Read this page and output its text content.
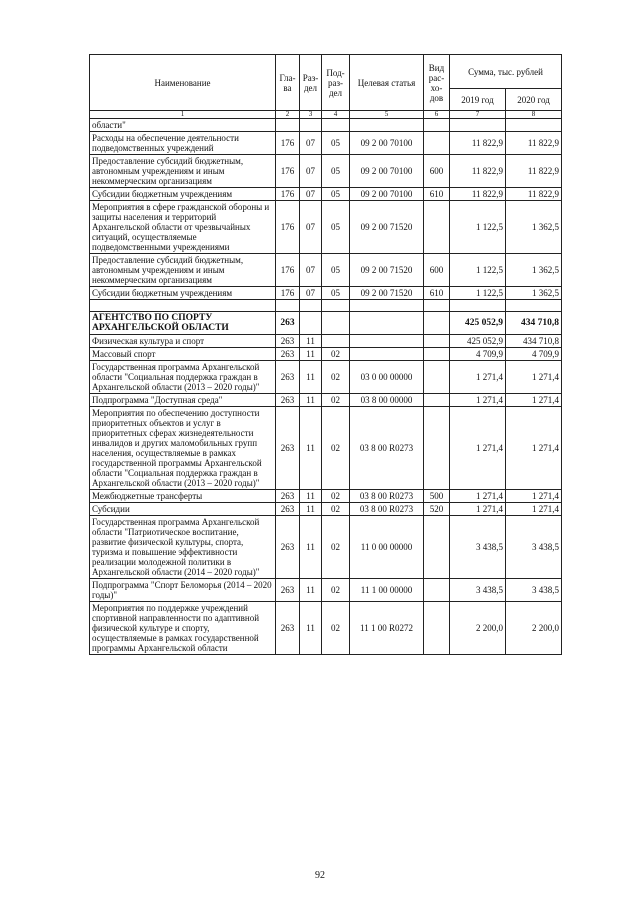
Наименование	Гла- ва	Раз- дел	Под- раз- дел	Целевая статья	Вид рас- хо- дов	Сумма, тыс. рублей	
						2019 год	2020 год
1	2	3	4	5	6	7	8
области"							
Расходы на обеспечение деятельности подведомственных учреждений	176	07	05	09 2 00 70100		11 822,9	11 822,9
Предоставление субсидий бюджетным, автономным учреждениям и иным некоммерческим организациям	176	07	05	09 2 00 70100	600	11 822,9	11 822,9
Субсидии бюджетным учреждениям	176	07	05	09 2 00 70100	610	11 822,9	11 822,9
Мероприятия в сфере гражданской обороны и защиты населения и территорий Архангельской области от чрезвычайных ситуаций, осуществляемые подведомственными учреждениями	176	07	05	09 2 00 71520		1 122,5	1 362,5
Предоставление субсидий бюджетным, автономным учреждениям и иным некоммерческим организациям	176	07	05	09 2 00 71520	600	1 122,5	1 362,5
Субсидии бюджетным учреждениям	176	07	05	09 2 00 71520	610	1 122,5	1 362,5

АГЕНТСТВО ПО СПОРТУ АРХАНГЕЛЬСКОЙ ОБЛАСТИ	263					425 052,9	434 710,8
Физическая культура и спорт	263	11				425 052,9	434 710,8
Массовый спорт	263	11	02			4 709,9	4 709,9
Государственная программа Архангельской области "Социальная поддержка граждан в Архангельской области (2013 – 2020 годы)"	263	11	02	03 0 00 00000		1 271,4	1 271,4
Подпрограмма "Доступная среда"	263	11	02	03 8 00 00000		1 271,4	1 271,4
Мероприятия по обеспечению доступности приоритетных объектов и услуг в приоритетных сферах жизнедеятельности инвалидов и других маломобильных групп населения, осуществляемые в рамках государственной программы Архангельской области "Социальная поддержка граждан в Архангельской области (2013 – 2020 годы)"	263	11	02	03 8 00 R0273		1 271,4	1 271,4
Межбюджетные трансферты	263	11	02	03 8 00 R0273	500	1 271,4	1 271,4
Субсидии	263	11	02	03 8 00 R0273	520	1 271,4	1 271,4
Государственная программа Архангельской области "Патриотическое воспитание, развитие физической культуры, спорта, туризма и повышение эффективности реализации молодежной политики в Архангельской области (2014 – 2020 годы)"	263	11	02	11 0 00 00000		3 438,5	3 438,5
Подпрограмма "Спорт Беломорья (2014 – 2020 годы)"	263	11	02	11 1 00 00000		3 438,5	3 438,5
Мероприятия по поддержке учреждений спортивной направленности по адаптивной физической культуре и спорту, осуществляемые в рамках государственной программы Архангельской области	263	11	02	11 1 00 R0272		2 200,0	2 200,0
92
